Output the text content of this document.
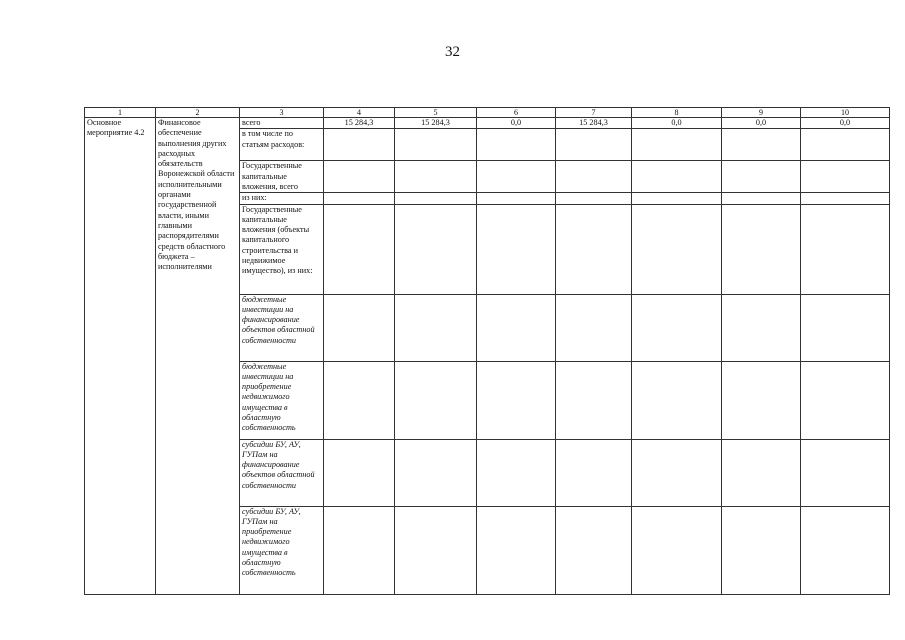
32
1	2	3	4	5	6	7	8	9	10
Основное мероприятие 4.2	Финансовое обеспечение выполнения других расходных обязательств Воронежской области исполнительными органами государственной власти, иными главными распорядителями средств областного бюджета – исполнителями	всего	15 284,3	15 284,3	0,0	15 284,3	0,0	0,0	0,0
		в том числе по статьям расходов:							
		Государственные капитальные вложения, всего							
		из них:							
		Государственные капитальные вложения (объекты капитального строительства и недвижимое имущество), из них:							
		бюджетные инвестиции на финансирование объектов областной собственности							
		бюджетные инвестиции на приобретение недвижимого имущества в областную собственность							
		субсидии БУ, АУ, ГУПам на финансирование объектов областной собственности							
		субсидии БУ, АУ, ГУПам на приобретение недвижимого имущества в областную собственность							
